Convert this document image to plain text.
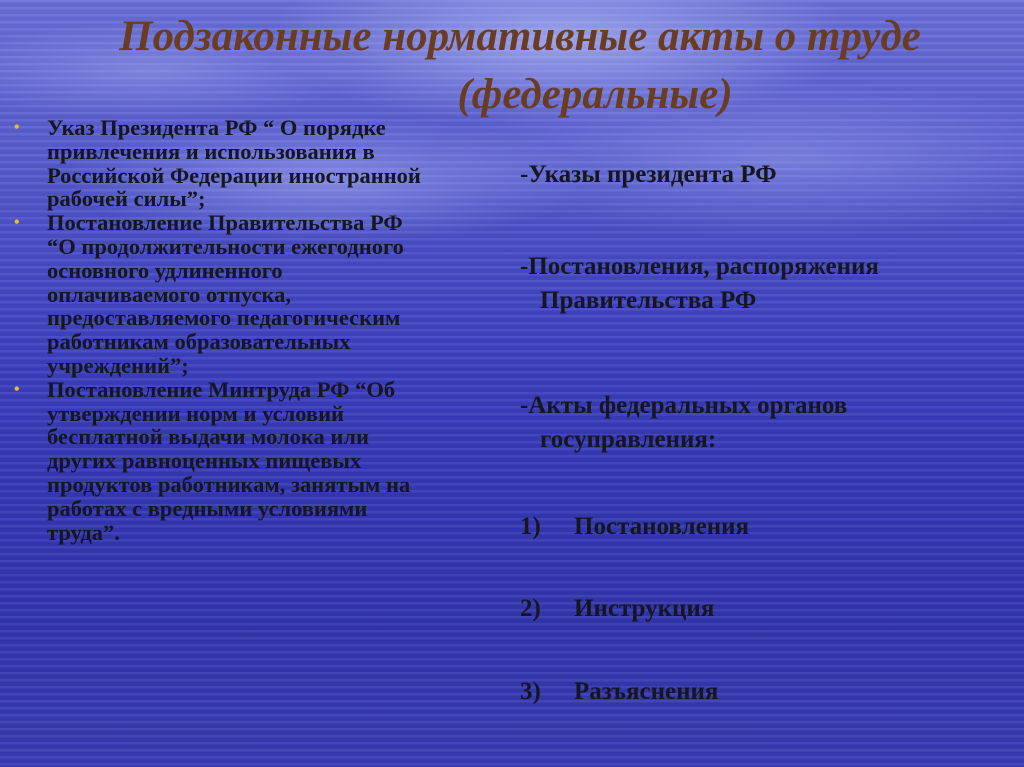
Подзаконные нормативные акты о труде
(федеральные)
• Указ Президента РФ “ О порядке привлечения и использования в Российской Федерации иностранной рабочей силы”;
• Постановление Правительства РФ “О продолжительности ежегодного основного удлиненного оплачиваемого отпуска, предоставляемого педагогическим работникам образовательных учреждений”;
• Постановление Минтруда РФ “Об утверждении норм и условий бесплатной выдачи молока или других равноценных пищевых продуктов работникам, занятым на работах с вредными условиями труда”.
-Указы президента РФ
-Постановления, распоряжения
Правительства РФ
-Акты федеральных органов
госуправления:
1) Постановления
2) Инструкция
3) Разъяснения
